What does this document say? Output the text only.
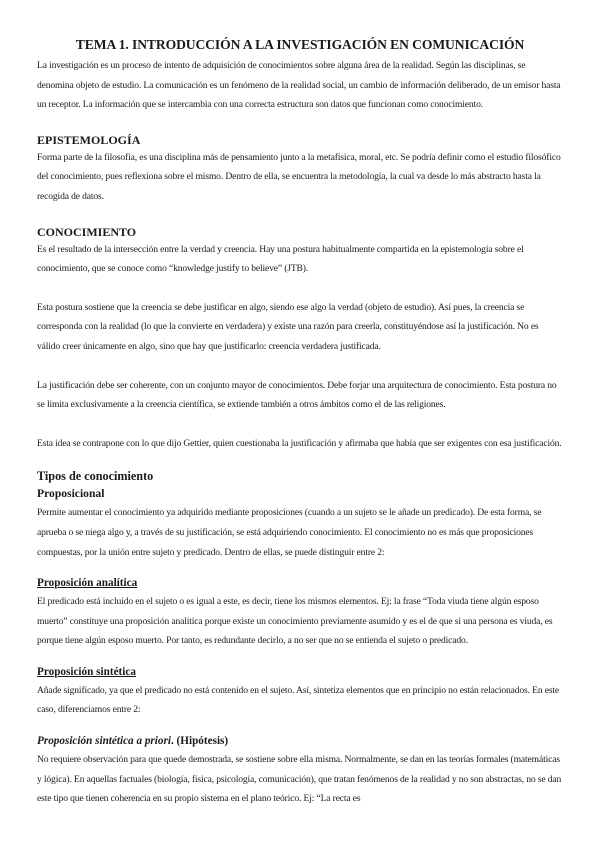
TEMA 1. INTRODUCCIÓN A LA INVESTIGACIÓN EN COMUNICACIÓN

La investigación es un proceso de intento de adquisición de conocimientos sobre alguna área de la realidad. Según las disciplinas, se denomina objeto de estudio. La comunicación es un fenómeno de la realidad social, un cambio de información deliberado, de un emisor hasta un receptor. La información que se intercambia con una correcta estructura son datos que funcionan como conocimiento.

EPISTEMOLOGÍA

Forma parte de la filosofía, es una disciplina más de pensamiento junto a la metafísica, moral, etc. Se podría definir como el estudio filosófico del conocimiento, pues reflexiona sobre el mismo. Dentro de ella, se encuentra la metodología, la cual va desde lo más abstracto hasta la recogida de datos.

CONOCIMIENTO

Es el resultado de la intersección entre la verdad y creencia. Hay una postura habitualmente compartida en la epistemología sobre el conocimiento, que se conoce como “knowledge justify to believe” (JTB).

Esta postura sostiene que la creencia se debe justificar en algo, siendo ese algo la verdad (objeto de estudio). Así pues, la creencia se corresponda con la realidad (lo que la convierte en verdadera) y existe una razón para creerla, constituyéndose así la justificación. No es válido creer únicamente en algo, sino que hay que justificarlo: creencia verdadera justificada.

La justificación debe ser coherente, con un conjunto mayor de conocimientos. Debe forjar una arquitectura de conocimiento. Esta postura no se limita exclusivamente a la creencia científica, se extiende también a otros ámbitos como el de las religiones.

Esta idea se contrapone con lo que dijo Gettier, quien cuestionaba la justificación y afirmaba que había que ser exigentes con esa justificación.

Tipos de conocimiento
Proposicional

Permite aumentar el conocimiento ya adquirido mediante proposiciones (cuando a un sujeto se le añade un predicado). De esta forma, se aprueba o se niega algo y, a través de su justificación, se está adquiriendo conocimiento. El conocimiento no es más que proposiciones compuestas, por la unión entre sujeto y predicado. Dentro de ellas, se puede distinguir entre 2:

Proposición analítica

El predicado está incluido en el sujeto o es igual a este, es decir, tiene los mismos elementos. Ej: la frase “Toda viuda tiene algún esposo muerto” constituye una proposición analítica porque existe un conocimiento previamente asumido y es el de que si una persona es viuda, es porque tiene algún esposo muerto. Por tanto, es redundante decirlo, a no ser que no se entienda el sujeto o predicado.

Proposición sintética

Añade significado, ya que el predicado no está contenido en el sujeto. Así, sintetiza elementos que en principio no están relacionados. En este caso, diferenciamos entre 2:

Proposición sintética a priori. (Hipótesis)

No requiere observación para que quede demostrada, se sostiene sobre ella misma. Normalmente, se dan en las teorías formales (matemáticas y lógica). En aquellas factuales (biología, física, psicología, comunicación), que tratan fenómenos de la realidad y no son abstractas, no se dan este tipo que tienen coherencia en su propio sistema en el plano teórico. Ej: “La recta es
